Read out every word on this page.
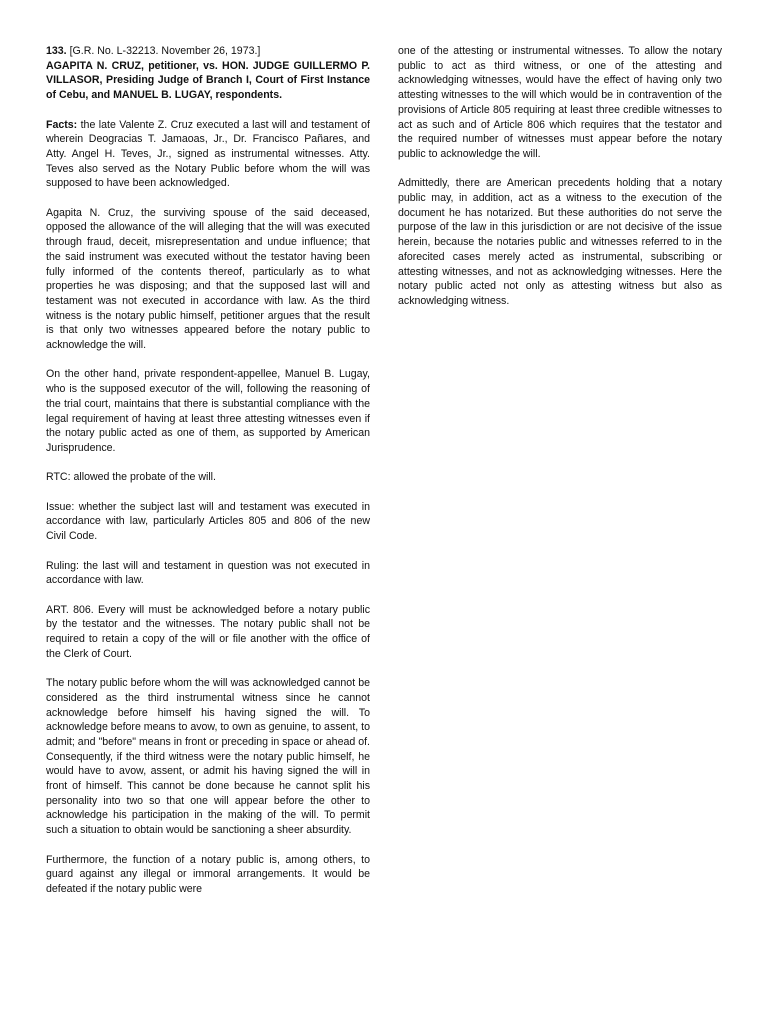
133. [G.R. No. L-32213. November 26, 1973.]
AGAPITA N. CRUZ, petitioner, vs. HON. JUDGE GUILLERMO P. VILLASOR, Presiding Judge of Branch I, Court of First Instance of Cebu, and MANUEL B. LUGAY, respondents.

Facts: the late Valente Z. Cruz executed a last will and testament of wherein Deogracias T. Jamaoas, Jr., Dr. Francisco Pañares, and Atty. Angel H. Teves, Jr., signed as instrumental witnesses. Atty. Teves also served as the Notary Public before whom the will was supposed to have been acknowledged.

Agapita N. Cruz, the surviving spouse of the said deceased, opposed the allowance of the will alleging that the will was executed through fraud, deceit, misrepresentation and undue influence; that the said instrument was executed without the testator having been fully informed of the contents thereof, particularly as to what properties he was disposing; and that the supposed last will and testament was not executed in accordance with law. As the third witness is the notary public himself, petitioner argues that the result is that only two witnesses appeared before the notary public to acknowledge the will.

On the other hand, private respondent-appellee, Manuel B. Lugay, who is the supposed executor of the will, following the reasoning of the trial court, maintains that there is substantial compliance with the legal requirement of having at least three attesting witnesses even if the notary public acted as one of them, as supported by American Jurisprudence.

RTC: allowed the probate of the will.

Issue: whether the subject last will and testament was executed in accordance with law, particularly Articles 805 and 806 of the new Civil Code.

Ruling: the last will and testament in question was not executed in accordance with law.

ART. 806. Every will must be acknowledged before a notary public by the testator and the witnesses. The notary public shall not be required to retain a copy of the will or file another with the office of the Clerk of Court.

The notary public before whom the will was acknowledged cannot be considered as the third instrumental witness since he cannot acknowledge before himself his having signed the will. To acknowledge before means to avow, to own as genuine, to assent, to admit; and "before" means in front or preceding in space or ahead of. Consequently, if the third witness were the notary public himself, he would have to avow, assent, or admit his having signed the will in front of himself. This cannot be done because he cannot split his personality into two so that one will appear before the other to acknowledge his participation in the making of the will. To permit such a situation to obtain would be sanctioning a sheer absurdity.

Furthermore, the function of a notary public is, among others, to guard against any illegal or immoral arrangements. It would be defeated if the notary public were

one of the attesting or instrumental witnesses. To allow the notary public to act as third witness, or one of the attesting and acknowledging witnesses, would have the effect of having only two attesting witnesses to the will which would be in contravention of the provisions of Article 805 requiring at least three credible witnesses to act as such and of Article 806 which requires that the testator and the required number of witnesses must appear before the notary public to acknowledge the will.

Admittedly, there are American precedents holding that a notary public may, in addition, act as a witness to the execution of the document he has notarized. But these authorities do not serve the purpose of the law in this jurisdiction or are not decisive of the issue herein, because the notaries public and witnesses referred to in the aforecited cases merely acted as instrumental, subscribing or attesting witnesses, and not as acknowledging witnesses. Here the notary public acted not only as attesting witness but also as acknowledging witness.
